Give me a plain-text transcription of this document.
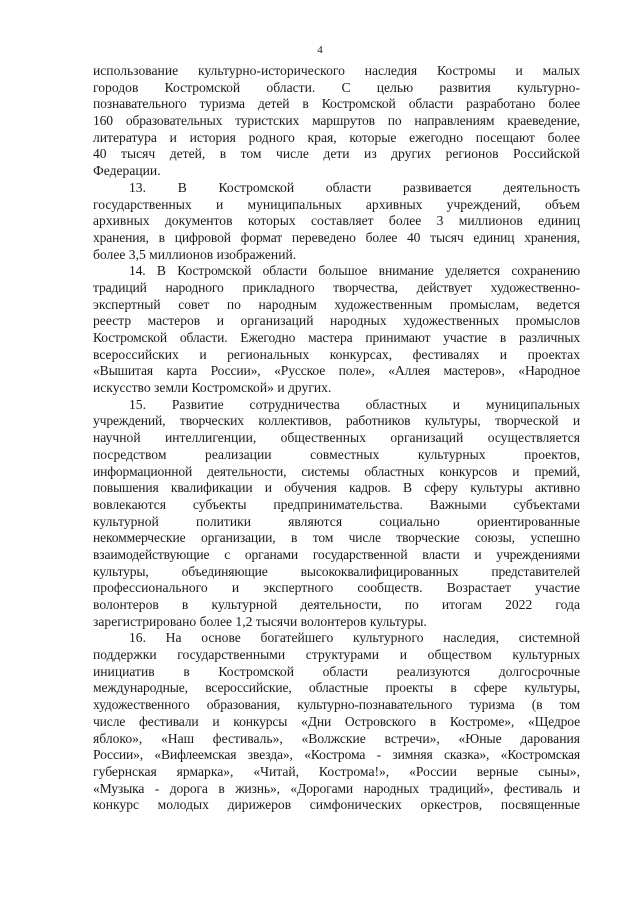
4
использование культурно-исторического наследия Костромы и малых
городов Костромской области. С целью развития культурно-
познавательного туризма детей в Костромской области разработано более
160 образовательных туристских маршрутов по направлениям краеведение,
литература и история родного края, которые ежегодно посещают более
40 тысяч детей, в том числе дети из других регионов Российской
Федерации.
13. В Костромской области развивается деятельность
государственных и муниципальных архивных учреждений, объем
архивных документов которых составляет более 3 миллионов единиц
хранения, в цифровой формат переведено более 40 тысяч единиц хранения,
более 3,5 миллионов изображений.
14. В Костромской области большое внимание уделяется сохранению
традиций народного прикладного творчества, действует художественно-
экспертный совет по народным художественным промыслам, ведется
реестр мастеров и организаций народных художественных промыслов
Костромской области. Ежегодно мастера принимают участие в различных
всероссийских и региональных конкурсах, фестивалях и проектах
«Вышитая карта России», «Русское поле», «Аллея мастеров», «Народное
искусство земли Костромской» и других.
15. Развитие сотрудничества областных и муниципальных
учреждений, творческих коллективов, работников культуры, творческой и
научной интеллигенции, общественных организаций осуществляется
посредством реализации совместных культурных проектов,
информационной деятельности, системы областных конкурсов и премий,
повышения квалификации и обучения кадров. В сферу культуры активно
вовлекаются субъекты предпринимательства. Важными субъектами
культурной политики являются социально ориентированные
некоммерческие организации, в том числе творческие союзы, успешно
взаимодействующие с органами государственной власти и учреждениями
культуры, объединяющие высококвалифицированных представителей
профессионального и экспертного сообществ. Возрастает участие
волонтеров в культурной деятельности, по итогам 2022 года
зарегистрировано более 1,2 тысячи волонтеров культуры.
16. На основе богатейшего культурного наследия, системной
поддержки государственными структурами и обществом культурных
инициатив в Костромской области реализуются долгосрочные
международные, всероссийские, областные проекты в сфере культуры,
художественного образования, культурно-познавательного туризма (в том
числе фестивали и конкурсы «Дни Островского в Костроме», «Щедрое
яблоко», «Наш фестиваль», «Волжские встречи», «Юные дарования
России», «Вифлеемская звезда», «Кострома - зимняя сказка», «Костромская
губернская ярмарка», «Читай, Кострома!», «России верные сыны»,
«Музыка - дорога в жизнь», «Дорогами народных традиций», фестиваль и
конкурс молодых дирижеров симфонических оркестров, посвященные
